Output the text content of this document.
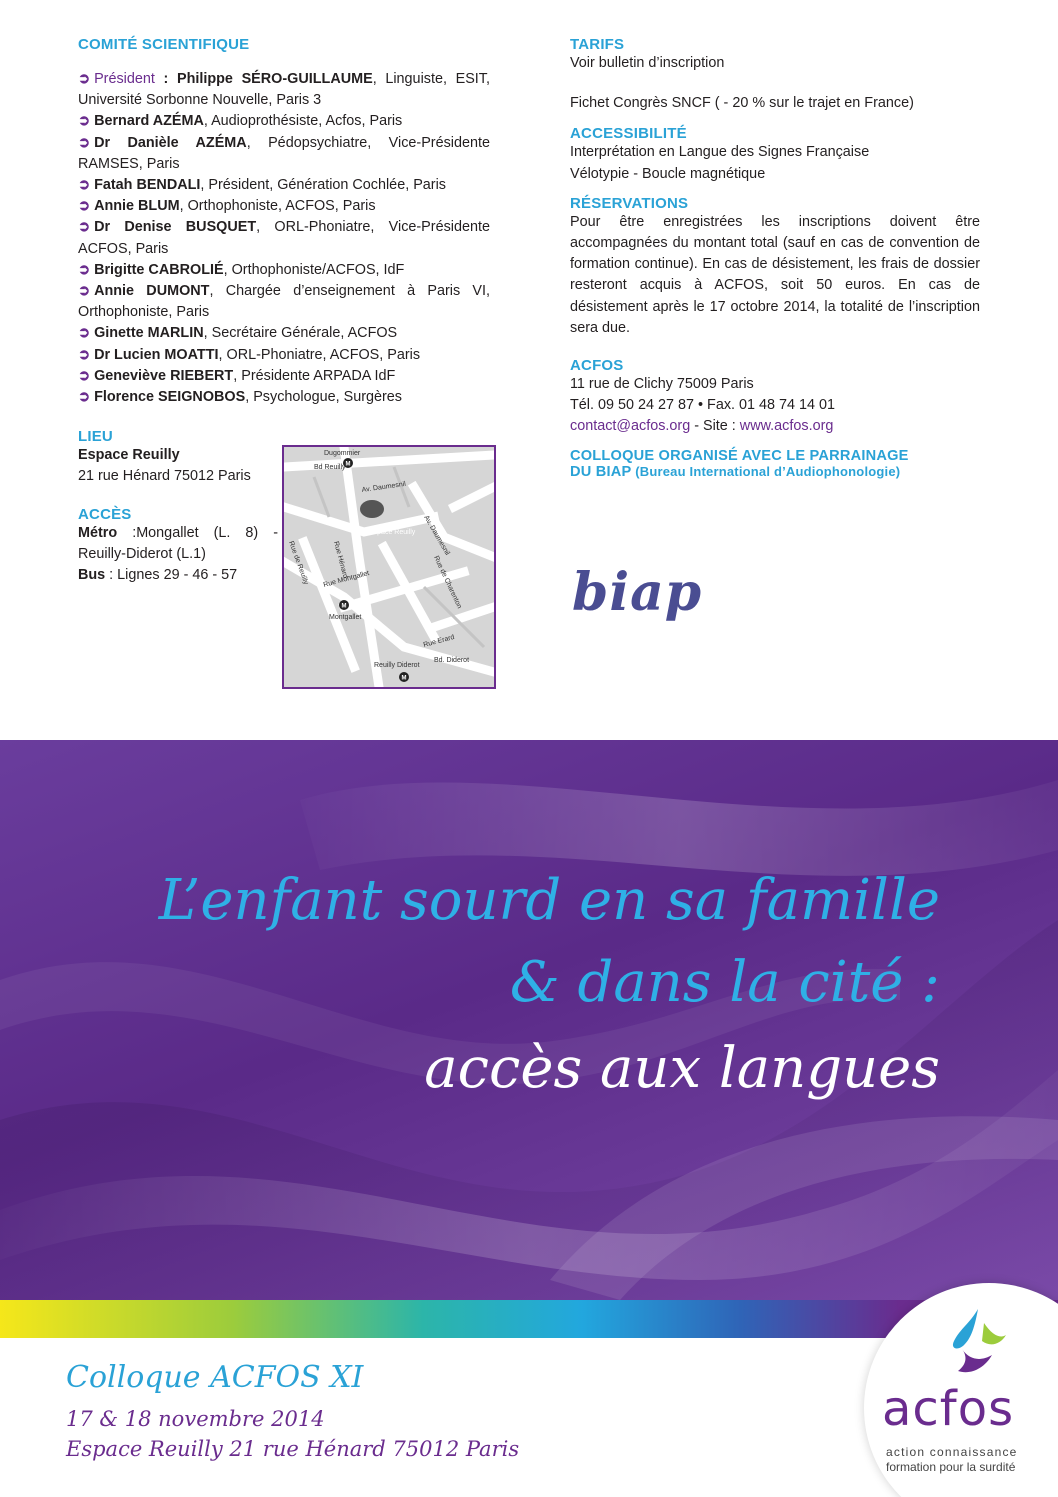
COMITÉ SCIENTIFIQUE
➲ Président : Philippe SÉRO-GUILLAUME, Linguiste, ESIT, Université Sorbonne Nouvelle, Paris 3
➲ Bernard AZÉMA, Audioprothésiste, Acfos, Paris
➲ Dr Danièle AZÉMA, Pédopsychiatre, Vice-Présidente RAMSES, Paris
➲ Fatah BENDALI, Président, Génération Cochlée, Paris
➲ Annie BLUM, Orthophoniste, ACFOS, Paris
➲ Dr Denise BUSQUET, ORL-Phoniatre, Vice-Présidente ACFOS, Paris
➲ Brigitte CABROLIÉ, Orthophoniste/ACFOS, IdF
➲ Annie DUMONT, Chargée d’enseignement à Paris VI, Orthophoniste, Paris
➲ Ginette MARLIN, Secrétaire Générale, ACFOS
➲ Dr Lucien MOATTI, ORL-Phoniatre, ACFOS, Paris
➲ Geneviève RIEBERT, Présidente ARPADA IdF
➲ Florence SEIGNOBOS, Psychologue, Surgères
LIEU
Espace Reuilly
21 rue Hénard 75012 Paris
ACCÈS
Métro :Mongallet (L. 8) - Reuilly-Diderot (L.1)
Bus : Lignes 29 - 46 - 57
M
M
M
Dugommier
Bd Reuilly
Av. Daumesnil
Espace Reuilly
Rue de Reuilly	Rue Hénard
Rue Montgallet
Montgallet
Av. Daumesnil
Rue de Charenton
Rue Erard
Reuilly Diderot
Bd. Diderot
TARIFS
Voir bulletin d’inscription
Fichet Congrès SNCF ( - 20 % sur le trajet en France)
ACCESSIBILITÉ
Interprétation en Langue des Signes Française
Vélotypie - Boucle magnétique
RÉSERVATIONS
Pour être enregistrées les inscriptions doivent être accompagnées du montant total (sauf en cas de convention de formation continue). En cas de désistement, les frais de dossier resteront acquis à ACFOS, soit 50 euros. En cas de désistement après le 17 octobre 2014, la totalité de l’inscription sera due.
ACFOS
11 rue de Clichy 75009 Paris
Tél. 09 50 24 27 87 • Fax. 01 48 74 14 01
contact@acfos.org - Site : www.acfos.org
COLLOQUE ORGANISÉ AVEC LE PARRAINAGE
DU BIAP (Bureau International d’Audiophonologie)
biap
L’enfant sourd en sa famille
& dans la cité :
accès aux langues
Colloque ACFOS XI
17 & 18 novembre 2014
Espace Reuilly 21 rue Hénard 75012 Paris
acfos
action connaissance
formation pour la surdité
